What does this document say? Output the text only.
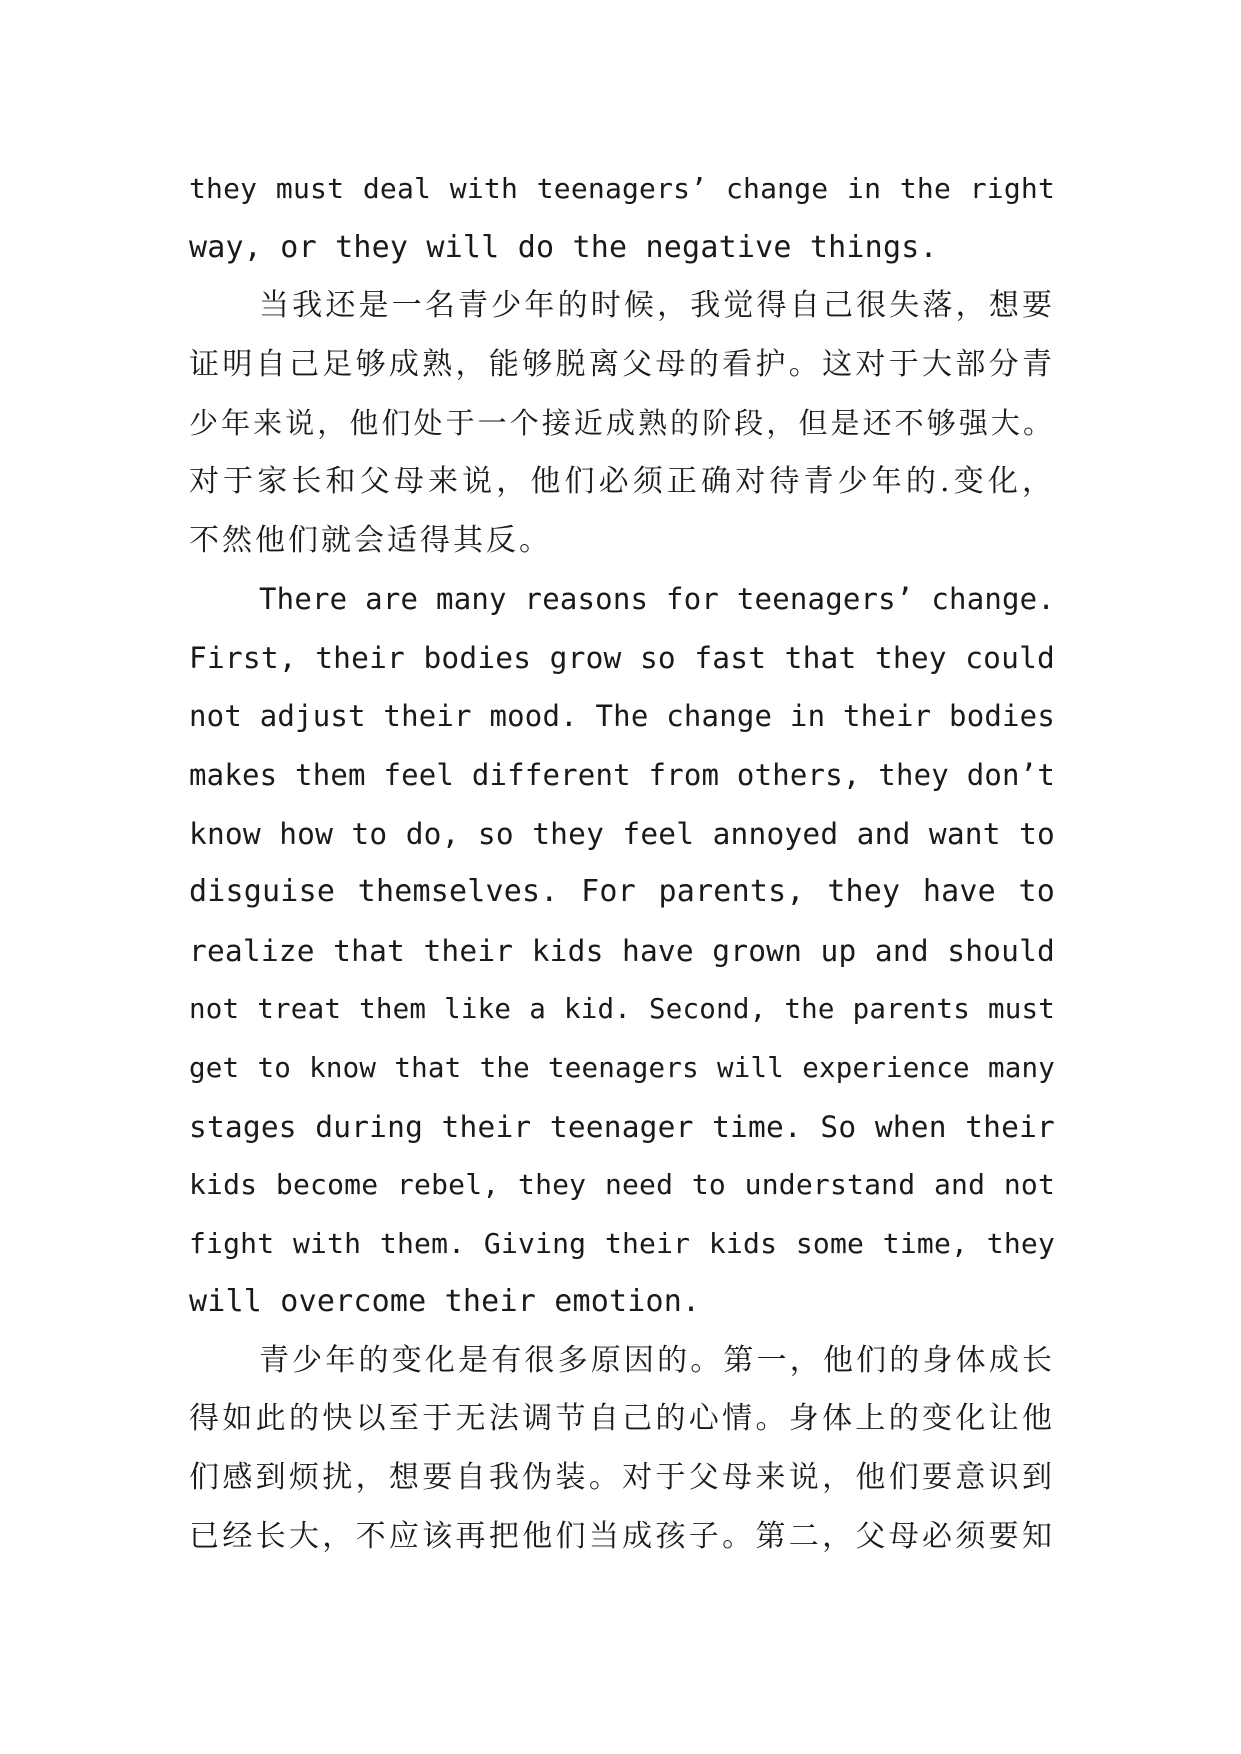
they must deal with teenagers’ change in the right
way, or they will do the negative things.
当我还是一名青少年的时候，我觉得自己很失落，想要
证明自己足够成熟，能够脱离父母的看护。这对于大部分青
少年来说，他们处于一个接近成熟的阶段，但是还不够强大。
对于家长和父母来说，他们必须正确对待青少年的.变化，
不然他们就会适得其反。
There are many reasons for teenagers’ change.
First, their bodies grow so fast that they could
not adjust their mood. The change in their bodies
makes them feel different from others, they don’t
know how to do, so they feel annoyed and want to
disguise themselves. For parents, they have to
realize that their kids have grown up and should
not treat them like a kid. Second, the parents must
get to know that the teenagers will experience many
stages during their teenager time. So when their
kids become rebel, they need to understand and not
fight with them. Giving their kids some time, they
will overcome their emotion.
青少年的变化是有很多原因的。第一，他们的身体成长
得如此的快以至于无法调节自己的心情。身体上的变化让他
们感到烦扰，想要自我伪装。对于父母来说，他们要意识到
已经长大，不应该再把他们当成孩子。第二，父母必须要知
